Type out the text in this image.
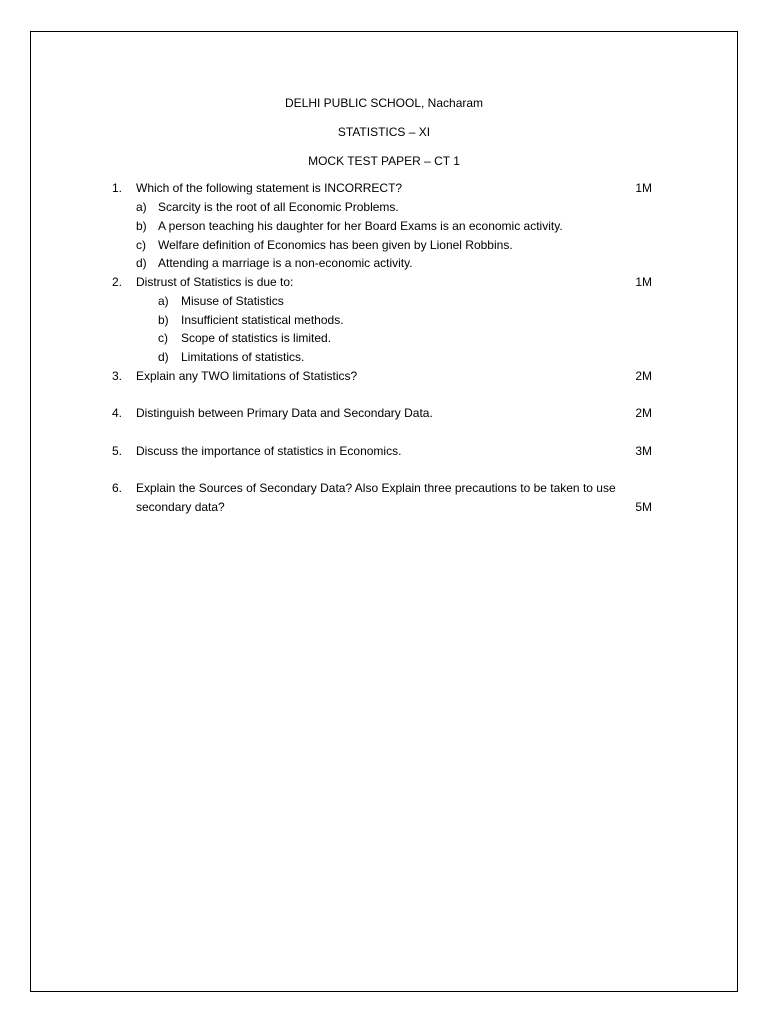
DELHI PUBLIC SCHOOL, Nacharam
STATISTICS – XI
MOCK TEST PAPER – CT 1
1. Which of the following statement is INCORRECT?	1M
a) Scarcity is the root of all Economic Problems.
b) A person teaching his daughter for her Board Exams is an economic activity.
c) Welfare definition of Economics has been given by Lionel Robbins.
d) Attending a marriage is a non-economic activity.
2. Distrust of Statistics is due to:	1M
a) Misuse of Statistics
b) Insufficient statistical methods.
c) Scope of statistics is limited.
d) Limitations of statistics.
3. Explain any TWO limitations of Statistics?	2M
4. Distinguish between Primary Data and Secondary Data.	2M
5. Discuss the importance of statistics in Economics.	3M
6. Explain the Sources of Secondary Data? Also Explain three precautions to be taken to use
secondary data?	5M
